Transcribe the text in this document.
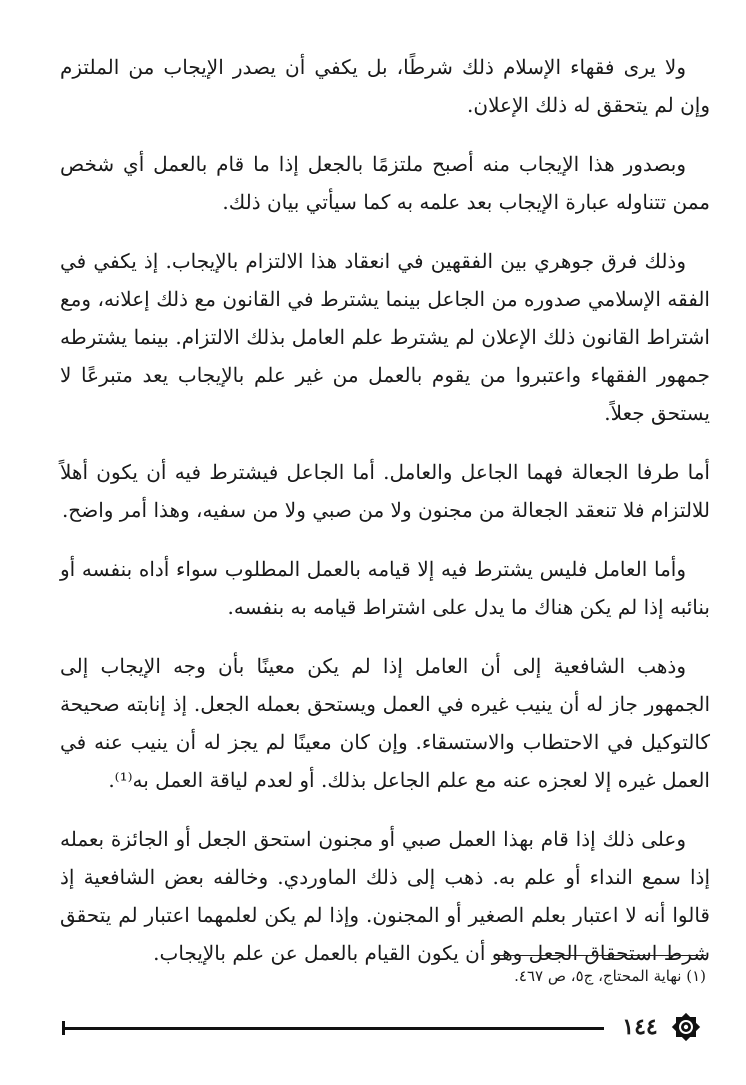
ولا يرى فقهاء الإسلام ذلك شرطًا، بل يكفي أن يصدر الإيجاب من الملتزم وإن لم يتحقق له ذلك الإعلان.

وبصدور هذا الإيجاب منه أصبح ملتزمًا بالجعل إذا ما قام بالعمل أي شخص ممن تتناوله عبارة الإيجاب بعد علمه به كما سيأتي بيان ذلك.

وذلك فرق جوهري بين الفقهين في انعقاد هذا الالتزام بالإيجاب. إذ يكفي في الفقه الإسلامي صدوره من الجاعل بينما يشترط في القانون مع ذلك إعلانه، ومع اشتراط القانون ذلك الإعلان لم يشترط علم العامل بذلك الالتزام. بينما يشترطه جمهور الفقهاء واعتبروا من يقوم بالعمل من غير علم بالإيجاب يعد متبرعًا لا يستحق جعلاً.

أما طرفا الجعالة فهما الجاعل والعامل. أما الجاعل فيشترط فيه أن يكون أهلاً للالتزام فلا تنعقد الجعالة من مجنون ولا من صبي ولا من سفيه، وهذا أمر واضح.

وأما العامل فليس يشترط فيه إلا قيامه بالعمل المطلوب سواء أداه بنفسه أو بنائبه إذا لم يكن هناك ما يدل على اشتراط قيامه به بنفسه.

وذهب الشافعية إلى أن العامل إذا لم يكن معينًا بأن وجه الإيجاب إلى الجمهور جاز له أن ينيب غيره في العمل ويستحق بعمله الجعل. إذ إنابته صحيحة كالتوكيل في الاحتطاب والاستسقاء. وإن كان معينًا لم يجز له أن ينيب عنه في العمل غيره إلا لعجزه عنه مع علم الجاعل بذلك. أو لعدم لياقة العمل به⁽¹⁾.

وعلى ذلك إذا قام بهذا العمل صبي أو مجنون استحق الجعل أو الجائزة بعمله إذا سمع النداء أو علم به. ذهب إلى ذلك الماوردي. وخالفه بعض الشافعية إذ قالوا أنه لا اعتبار بعلم الصغير أو المجنون. وإذا لم يكن لعلمهما اعتبار لم يتحقق شرط استحقاق الجعل وهو أن يكون القيام بالعمل عن علم بالإيجاب.

(١) نهاية المحتاج، ج٥، ص ٤٦٧.
١٤٤
